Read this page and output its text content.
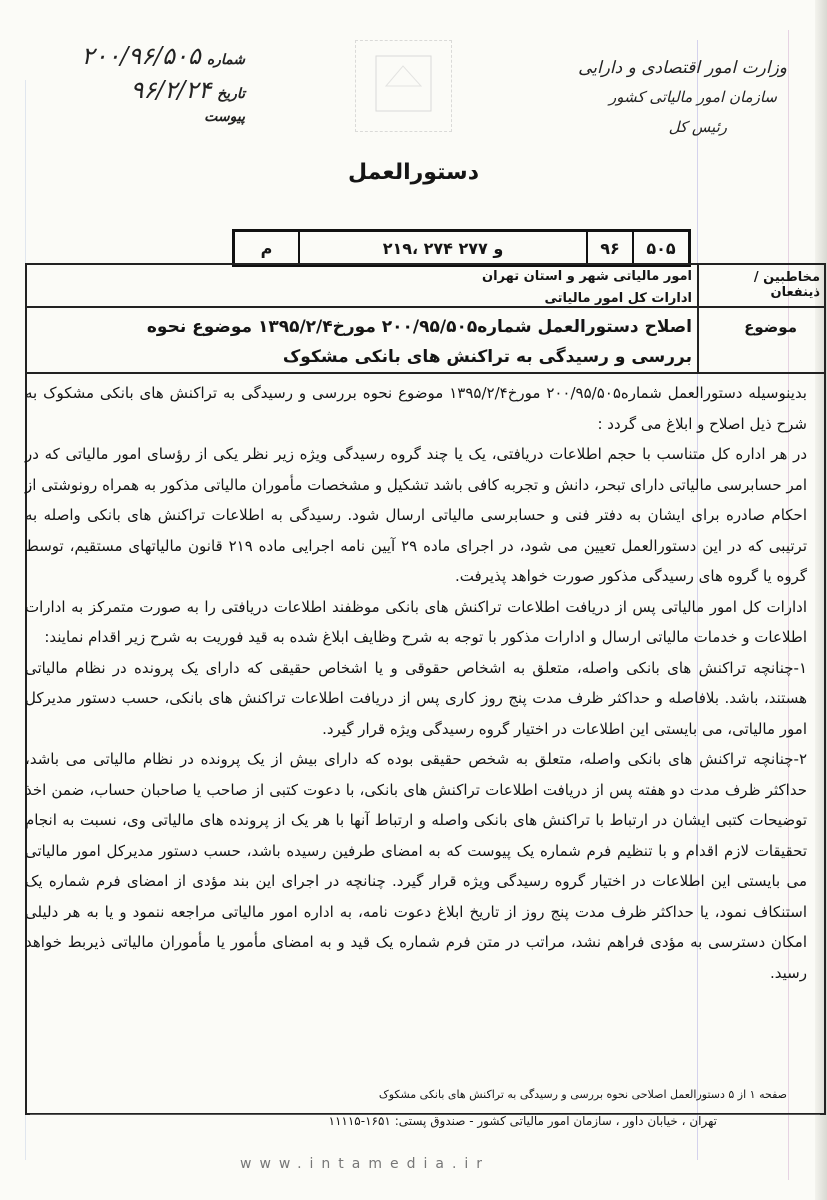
وزارت امور اقتصادی و دارایی
سازمان امور مالیاتی کشور
رئیس کل
شماره
۲۰۰/۹۶/۵۰۵
تاریخ
۹۶/۲/۲۴
پیوست
دستورالعمل
۵۰۵
۹۶
۲۱۹، ۲۷۴ و ۲۷۷
م
مخاطبین / ذینفعان
امور مالیاتی شهر و استان تهران
ادارات کل امور مالیاتی
موضوع
اصلاح دستورالعمل شماره۲۰۰/۹۵/۵۰۵ مورخ۱۳۹۵/۲/۴ موضوع نحوه بررسی و رسیدگی به تراکنش های بانکی مشکوک

بدینوسیله دستورالعمل شماره۲۰۰/۹۵/۵۰۵ مورخ۱۳۹۵/۲/۴ موضوع نحوه بررسی و رسیدگی به تراکنش های بانکی مشکوک به شرح ذیل اصلاح و ابلاغ می گردد :

در هر اداره کل متناسب با حجم اطلاعات دریافتی، یک یا چند گروه رسیدگی ویژه زیر نظر یکی از رؤسای امور مالیاتی که در امر حسابرسی مالیاتی دارای تبحر، دانش و تجربه کافی باشد تشکیل و مشخصات مأموران مالیاتی مذکور به همراه رونوشتی از احکام صادره برای ایشان به دفتر فنی و حسابرسی مالیاتی ارسال شود. رسیدگی به اطلاعات تراکنش های بانکی واصله به ترتیبی که در این دستورالعمل تعیین می شود، در اجرای ماده ۲۹ آیین نامه اجرایی ماده ۲۱۹ قانون مالیاتهای مستقیم، توسط گروه یا گروه های رسیدگی مذکور صورت خواهد پذیرفت.

ادارات کل امور مالیاتی پس از دریافت اطلاعات تراکنش های بانکی موظفند اطلاعات دریافتی را به صورت متمرکز به ادارات اطلاعات و خدمات مالیاتی ارسال و ادارات مذکور با توجه به شرح وظایف ابلاغ شده به قید فوریت به شرح زیر اقدام نمایند:

۱-چنانچه تراکنش های بانکی واصله، متعلق به اشخاص حقوقی و یا اشخاص حقیقی که دارای یک پرونده در نظام مالیاتی هستند، باشد. بلافاصله و حداکثر ظرف مدت پنج روز کاری پس از دریافت اطلاعات تراکنش های بانکی، حسب دستور مدیرکل امور مالیاتی، می بایستی این اطلاعات در اختیار گروه رسیدگی ویژه قرار گیرد.

۲-چنانچه تراکنش های بانکی واصله، متعلق به شخص حقیقی بوده که دارای بیش از یک پرونده در نظام مالیاتی می باشد، حداکثر ظرف مدت دو هفته پس از دریافت اطلاعات تراکنش های بانکی، با دعوت کتبی از صاحب یا صاحبان حساب، ضمن اخذ توضیحات کتبی ایشان در ارتباط با تراکنش های بانکی واصله و ارتباط آنها با هر یک از پرونده های مالیاتی وی، نسبت به انجام تحقیقات لازم اقدام و با تنظیم فرم شماره یک پیوست که به امضای طرفین رسیده باشد، حسب دستور مدیرکل امور مالیاتی می بایستی این اطلاعات در اختیار گروه رسیدگی ویژه قرار گیرد. چنانچه در اجرای این بند مؤدی از امضای فرم شماره یک استنکاف نمود، یا حداکثر ظرف مدت پنج روز از تاریخ ابلاغ دعوت نامه، به اداره امور مالیاتی مراجعه ننمود و یا به هر دلیلی امکان دسترسی به مؤدی فراهم نشد، مراتب در متن فرم شماره یک قید و به امضای مأمور یا مأموران مالیاتی ذیربط خواهد رسید.

صفحه ۱ از ۵ دستورالعمل اصلاحی نحوه بررسی و رسیدگی به تراکنش های بانکی مشکوک
تهران ، خیابان داور ، سازمان امور مالیاتی کشور - صندوق پستی: ۱۶۵۱-۱۱۱۱۵
www.intamedia.ir
